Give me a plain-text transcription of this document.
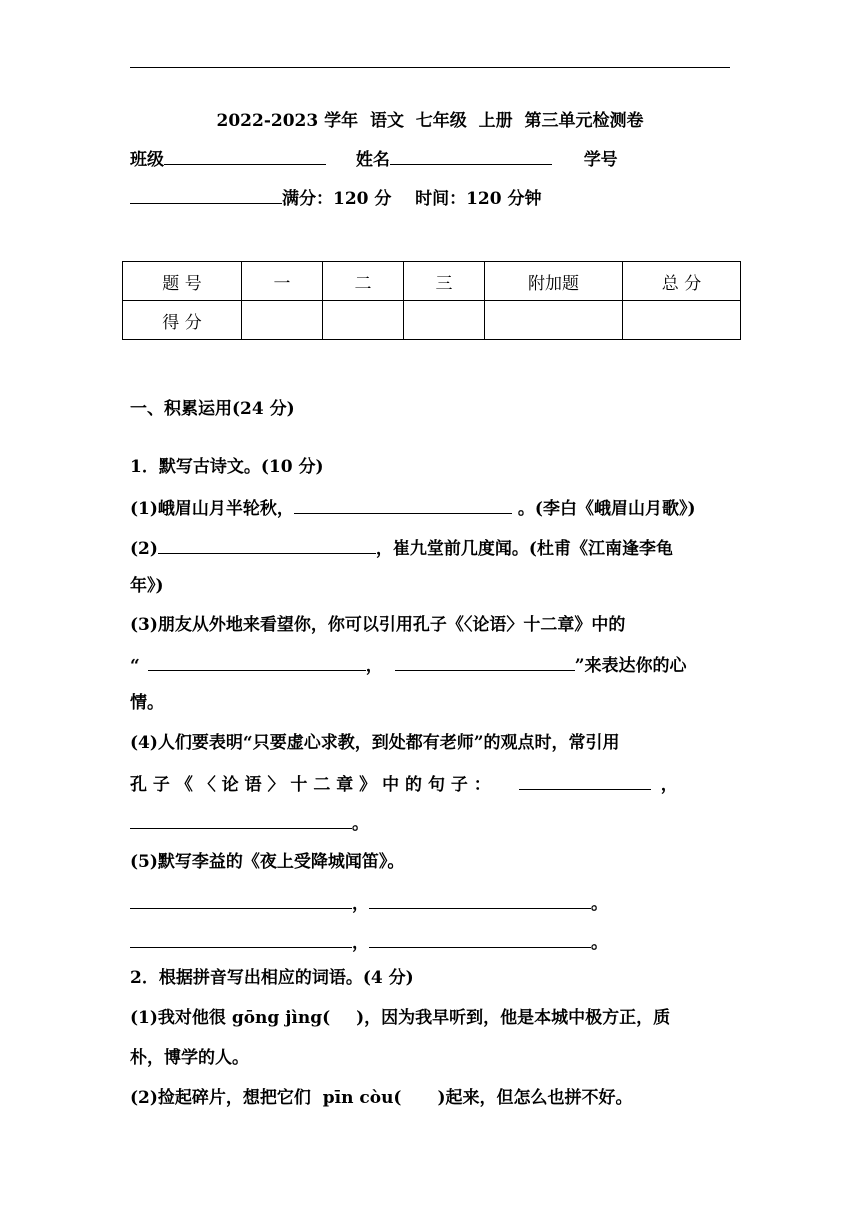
2022-2023 学年  语文  七年级  上册  第三单元检测卷
班级	姓名	学号
满分：120 分    时间：120 分钟
题 号	一	二	三	附加题	总 分
得 分					
一、积累运用(24 分)
1．默写古诗文。(10 分)
(1)峨眉山月半轮秋，	。(李白《峨眉山月歌》)
(2)	，崔九堂前几度闻。(杜甫《江南逢李龟
年》)
(3)朋友从外地来看望你，你可以引用孔子《〈论语〉十二章》中的
“	，	”来表达你的心
情。
(4)人们要表明“只要虚心求教，到处都有老师”的观点时，常引用
孔 子 《 〈 论 语 〉 十 二 章 》 中 的 句 子 ：	，
。
(5)默写李益的《夜上受降城闻笛》。
，	。
，	。
2．根据拼音写出相应的词语。(4 分)
(1)我对他很 gōng jìng( )，因为我早听到，他是本城中极方正，质
朴，博学的人。
(2)捡起碎片，想把它们  pīn còu( )起来，但怎么也拼不好。
